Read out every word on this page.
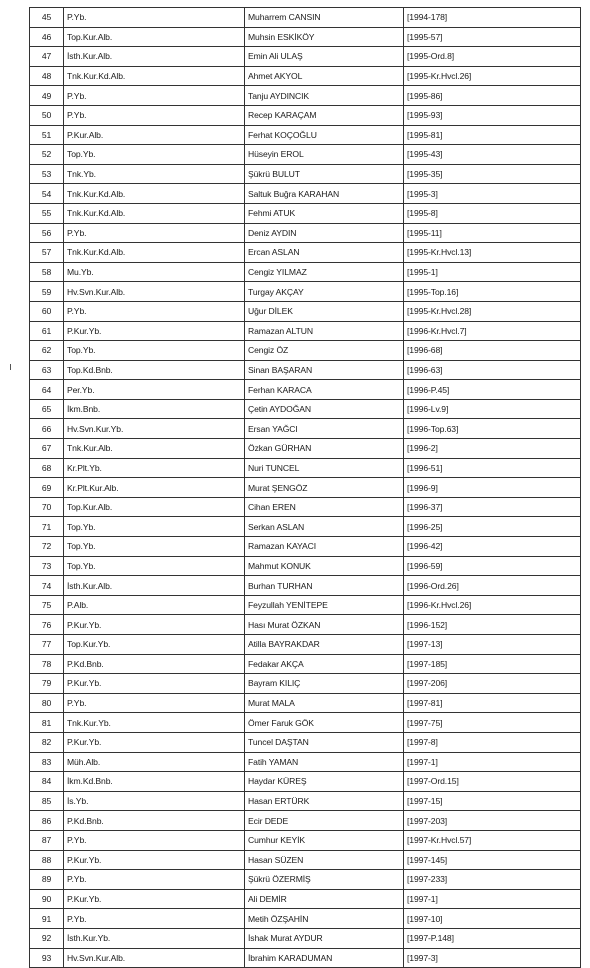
45	P.Yb.	Muharrem CANSIN	[1994-178]
46	Top.Kur.Alb.	Muhsin ESKİKÖY	[1995-57]
47	İsth.Kur.Alb.	Emin Ali ULAŞ	[1995-Ord.8]
48	Tnk.Kur.Kd.Alb.	Ahmet AKYOL	[1995-Kr.Hvcl.26]
49	P.Yb.	Tanju AYDINCIK	[1995-86]
50	P.Yb.	Recep KARAÇAM	[1995-93]
51	P.Kur.Alb.	Ferhat KOÇOĞLU	[1995-81]
52	Top.Yb.	Hüseyin EROL	[1995-43]
53	Tnk.Yb.	Şükrü BULUT	[1995-35]
54	Tnk.Kur.Kd.Alb.	Saltuk Buğra KARAHAN	[1995-3]
55	Tnk.Kur.Kd.Alb.	Fehmi ATUK	[1995-8]
56	P.Yb.	Deniz AYDIN	[1995-11]
57	Tnk.Kur.Kd.Alb.	Ercan ASLAN	[1995-Kr.Hvcl.13]
58	Mu.Yb.	Cengiz YILMAZ	[1995-1]
59	Hv.Svn.Kur.Alb.	Turgay AKÇAY	[1995-Top.16]
60	P.Yb.	Uğur DİLEK	[1995-Kr.Hvcl.28]
61	P.Kur.Yb.	Ramazan ALTUN	[1996-Kr.Hvcl.7]
62	Top.Yb.	Cengiz ÖZ	[1996-68]
63	Top.Kd.Bnb.	Sinan BAŞARAN	[1996-63]
64	Per.Yb.	Ferhan KARACA	[1996-P.45]
65	İkm.Bnb.	Çetin AYDOĞAN	[1996-Lv.9]
66	Hv.Svn.Kur.Yb.	Ersan YAĞCI	[1996-Top.63]
67	Tnk.Kur.Alb.	Özkan GÜRHAN	[1996-2]
68	Kr.Plt.Yb.	Nuri TUNCEL	[1996-51]
69	Kr.Plt.Kur.Alb.	Murat ŞENGÖZ	[1996-9]
70	Top.Kur.Alb.	Cihan EREN	[1996-37]
71	Top.Yb.	Serkan ASLAN	[1996-25]
72	Top.Yb.	Ramazan KAYACI	[1996-42]
73	Top.Yb.	Mahmut KONUK	[1996-59]
74	İsth.Kur.Alb.	Burhan TURHAN	[1996-Ord.26]
75	P.Alb.	Feyzullah YENİTEPE	[1996-Kr.Hvcl.26]
76	P.Kur.Yb.	Hası Murat ÖZKAN	[1996-152]
77	Top.Kur.Yb.	Atilla BAYRAKDAR	[1997-13]
78	P.Kd.Bnb.	Fedakar AKÇA	[1997-185]
79	P.Kur.Yb.	Bayram KILIÇ	[1997-206]
80	P.Yb.	Murat MALA	[1997-81]
81	Tnk.Kur.Yb.	Ömer Faruk GÖK	[1997-75]
82	P.Kur.Yb.	Tuncel DAŞTAN	[1997-8]
83	Müh.Alb.	Fatih YAMAN	[1997-1]
84	İkm.Kd.Bnb.	Haydar KÜREŞ	[1997-Ord.15]
85	İs.Yb.	Hasan ERTÜRK	[1997-15]
86	P.Kd.Bnb.	Ecir DEDE	[1997-203]
87	P.Yb.	Cumhur KEYİK	[1997-Kr.Hvcl.57]
88	P.Kur.Yb.	Hasan SÜZEN	[1997-145]
89	P.Yb.	Şükrü ÖZERMİŞ	[1997-233]
90	P.Kur.Yb.	Ali DEMİR	[1997-1]
91	P.Yb.	Metih ÖZŞAHİN	[1997-10]
92	İsth.Kur.Yb.	İshak Murat AYDUR	[1997-P.148]
93	Hv.Svn.Kur.Alb.	İbrahim KARADUMAN	[1997-3]
